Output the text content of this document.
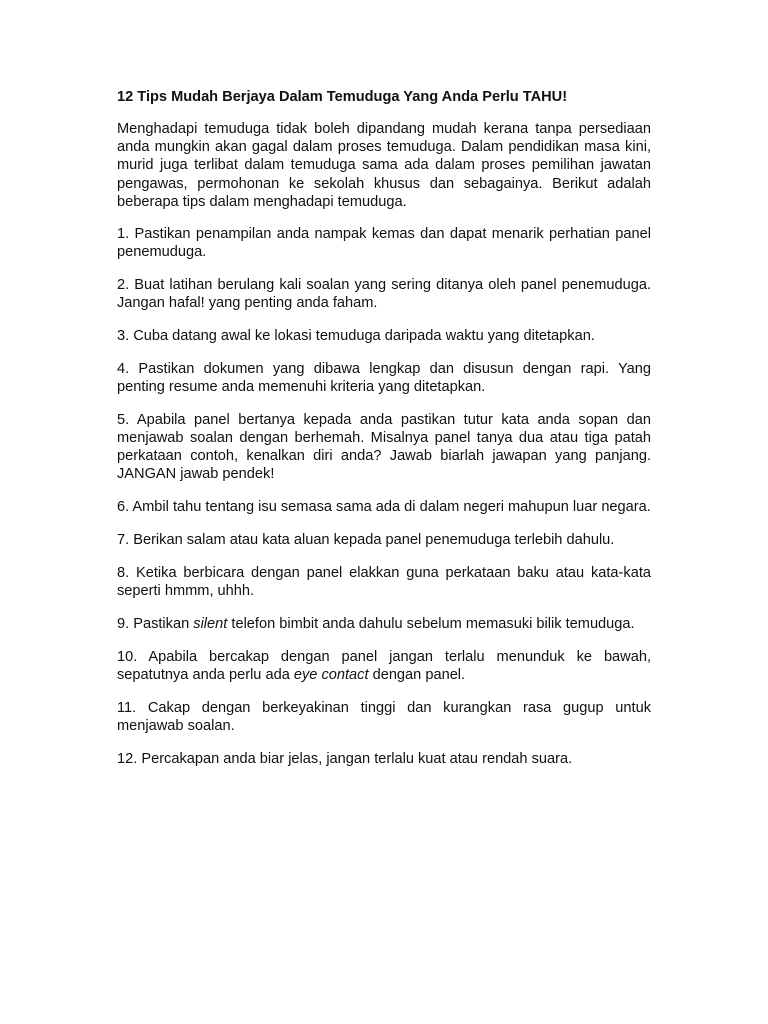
12 Tips Mudah Berjaya Dalam Temuduga Yang Anda Perlu TAHU!

Menghadapi temuduga tidak boleh dipandang mudah kerana tanpa persediaan anda mungkin akan gagal dalam proses temuduga. Dalam pendidikan masa kini, murid juga terlibat dalam temuduga sama ada dalam proses pemilihan jawatan pengawas, permohonan ke sekolah khusus dan sebagainya. Berikut adalah beberapa tips dalam menghadapi temuduga.

1. Pastikan penampilan anda nampak kemas dan dapat menarik perhatian panel penemuduga.

2. Buat latihan berulang kali soalan yang sering ditanya oleh panel penemuduga. Jangan hafal! yang penting anda faham.

3. Cuba datang awal ke lokasi temuduga daripada waktu yang ditetapkan.

4. Pastikan dokumen yang dibawa lengkap dan disusun dengan rapi. Yang penting resume anda memenuhi kriteria yang ditetapkan.

5. Apabila panel bertanya kepada anda pastikan tutur kata anda sopan dan menjawab soalan dengan berhemah. Misalnya panel tanya dua atau tiga patah perkataan contoh, kenalkan diri anda? Jawab biarlah jawapan yang panjang. JANGAN jawab pendek!

6. Ambil tahu tentang isu semasa sama ada di dalam negeri mahupun luar negara.

7. Berikan salam atau kata aluan kepada panel penemuduga terlebih dahulu.

8. Ketika berbicara dengan panel elakkan guna perkataan baku atau kata-kata seperti hmmm, uhhh.

9. Pastikan silent telefon bimbit anda dahulu sebelum memasuki bilik temuduga.

10. Apabila bercakap dengan panel jangan terlalu menunduk ke bawah, sepatutnya anda perlu ada eye contact dengan panel.

11. Cakap dengan berkeyakinan tinggi dan kurangkan rasa gugup untuk menjawab soalan.

12. Percakapan anda biar jelas, jangan terlalu kuat atau rendah suara.
